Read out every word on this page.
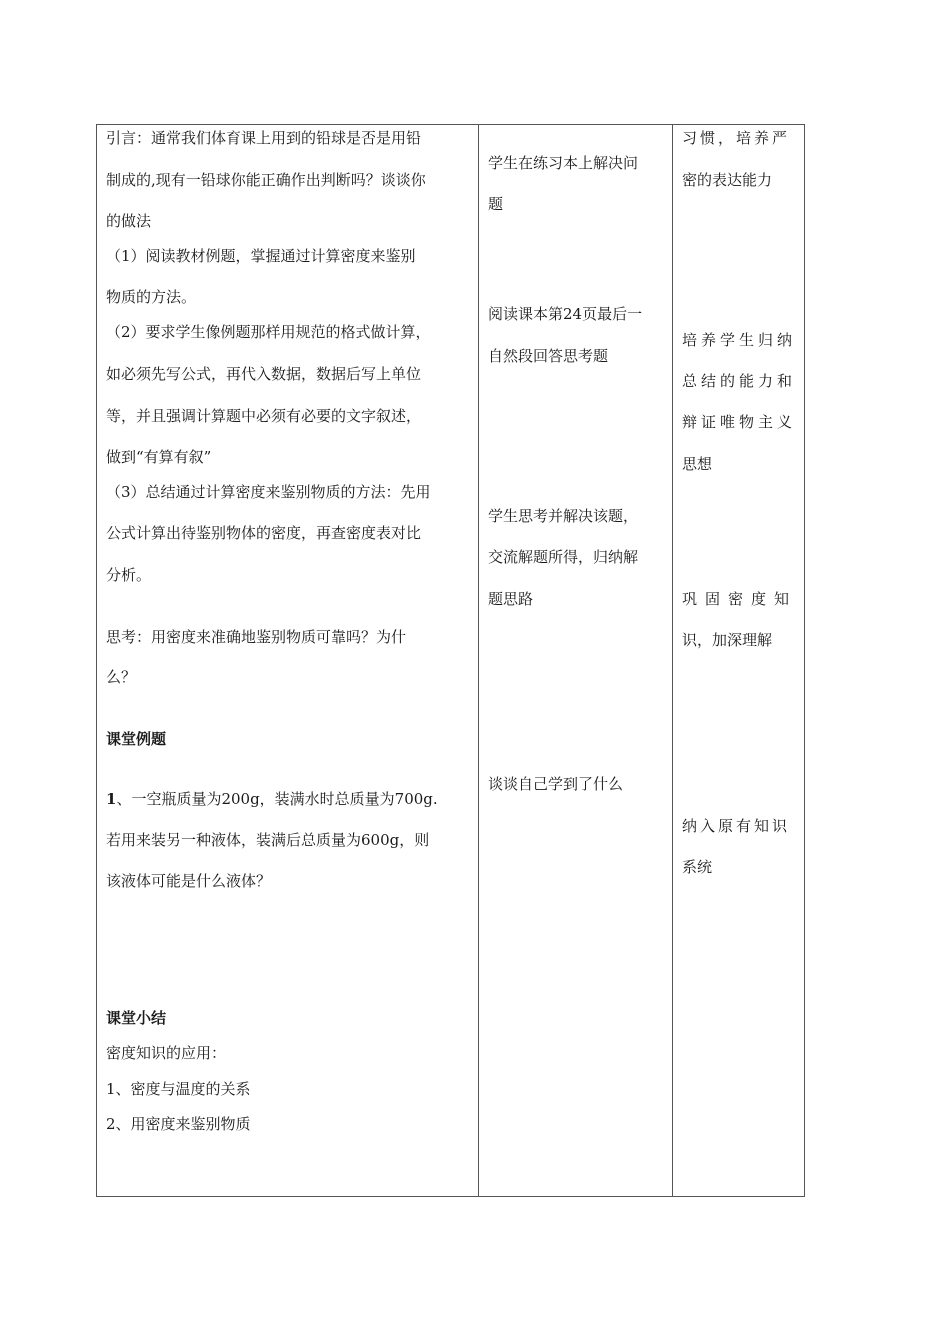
引言：通常我们体育课上用到的铅球是否是用铅
制成的,现有一铅球你能正确作出判断吗？谈谈你
的做法
（1）阅读教材例题，掌握通过计算密度来鉴别
物质的方法。
（2）要求学生像例题那样用规范的格式做计算，
如必须先写公式，再代入数据，数据后写上单位
等，并且强调计算题中必须有必要的文字叙述，
做到“有算有叙”
（3）总结通过计算密度来鉴别物质的方法：先用
公式计算出待鉴别物体的密度，再查密度表对比
分析。
思考：用密度来准确地鉴别物质可靠吗？为什
么？
课堂例题
1、一空瓶质量为200g，装满水时总质量为700g.
若用来装另一种液体，装满后总质量为600g，则
该液体可能是什么液体？
课堂小结
密度知识的应用：
1、密度与温度的关系
2、用密度来鉴别物质
学生在练习本上解决问
题
阅读课本第24页最后一
自然段回答思考题
学生思考并解决该题，
交流解题所得，归纳解
题思路
谈谈自己学到了什么
习惯，培养严
密的表达能力
培养学生归纳
总结的能力和
辩证唯物主义
思想
巩固密度知
识，加深理解
纳入原有知识
系统
